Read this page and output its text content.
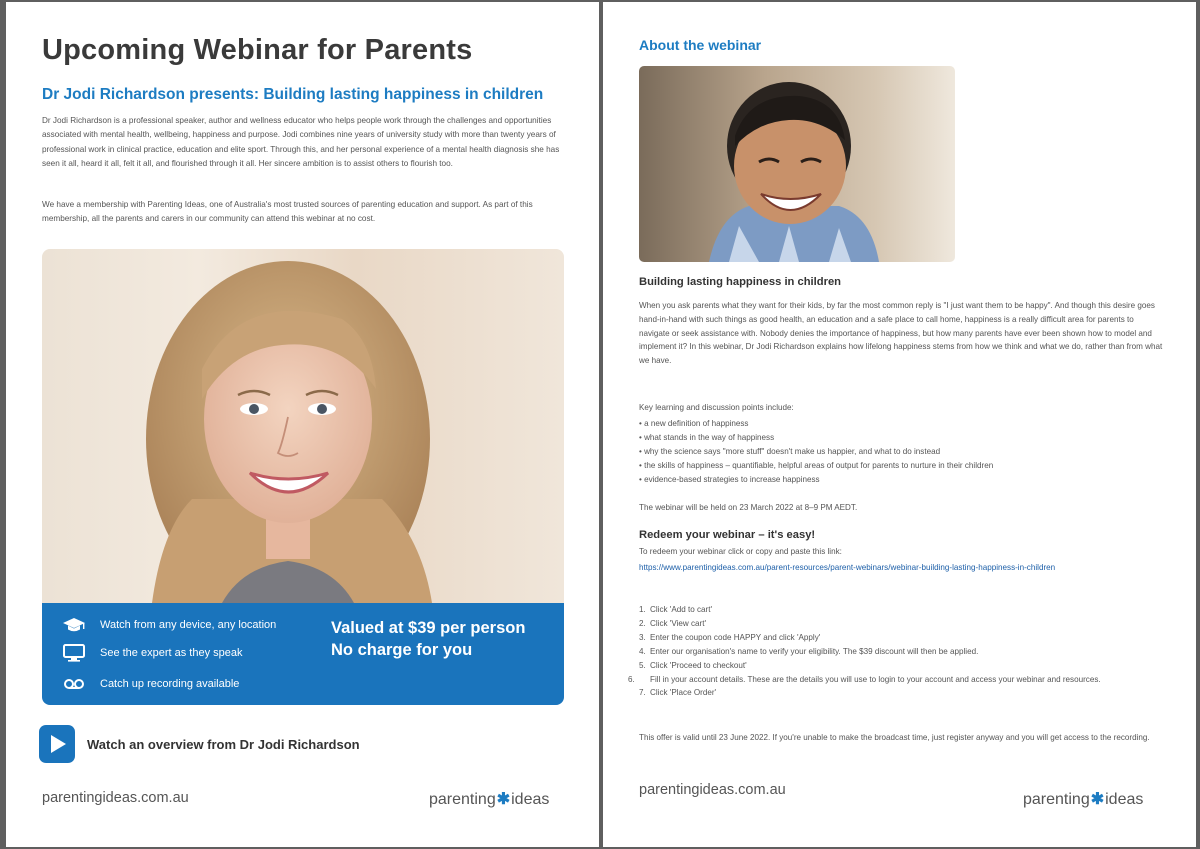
Upcoming Webinar for Parents
Dr Jodi Richardson presents: Building lasting happiness in children
Dr Jodi Richardson is a professional speaker, author and wellness educator who helps people work through the challenges and opportunities associated with mental health, wellbeing, happiness and purpose. Jodi combines nine years of university study with more than twenty years of professional work in clinical practice, education and elite sport. Through this, and her personal experience of a mental health diagnosis she has seen it all, heard it all, felt it all, and flourished through it all. Her sincere ambition is to assist others to flourish too.
We have a membership with Parenting Ideas, one of Australia's most trusted sources of parenting education and support. As part of this membership, all the parents and carers in our community can attend this webinar at no cost.
Watch from any device, any location
See the expert as they speak
Catch up recording available
Valued at $39 per person
No charge for you
Watch an overview from Dr Jodi Richardson
parentingideas.com.au	parenting✱ideas
About the webinar
Building lasting happiness in children

When you ask parents what they want for their kids, by far the most common reply is "I just want them to be happy". And though this desire goes hand-in-hand with such things as good health, an education and a safe place to call home, happiness is a really difficult area for parents to navigate or seek assistance with. Nobody denies the importance of happiness, but how many parents have ever been shown how to model and implement it? In this webinar, Dr Jodi Richardson explains how lifelong happiness stems from how we think and what we do, rather than from what we have.

Key learning and discussion points include:

• a new definition of happiness
• what stands in the way of happiness
• why the science says "more stuff" doesn't make us happier, and what to do instead
• the skills of happiness – quantifiable, helpful areas of output for parents to nurture in their children
• evidence-based strategies to increase happiness

The webinar will be held on 23 March 2022 at 8–9 PM AEDT.

Redeem your webinar – it's easy!

To redeem your webinar click or copy and paste this link:

https://www.parentingideas.com.au/parent-resources/parent-webinars/webinar-building-lasting-happiness-in-children
1. Click 'Add to cart'
2. Click 'View cart'
3. Enter the coupon code HAPPY and click 'Apply'
4. Enter our organisation's name to verify your eligibility. The $39 discount will then be applied.
5. Click 'Proceed to checkout'
6. Fill in your account details. These are the details you will use to login to your account and access your webinar and resources.
7. Click 'Place Order'

This offer is valid until 23 June 2022. If you're unable to make the broadcast time, just register anyway and you will get access to the recording.

parentingideas.com.au
parenting✱ideas
